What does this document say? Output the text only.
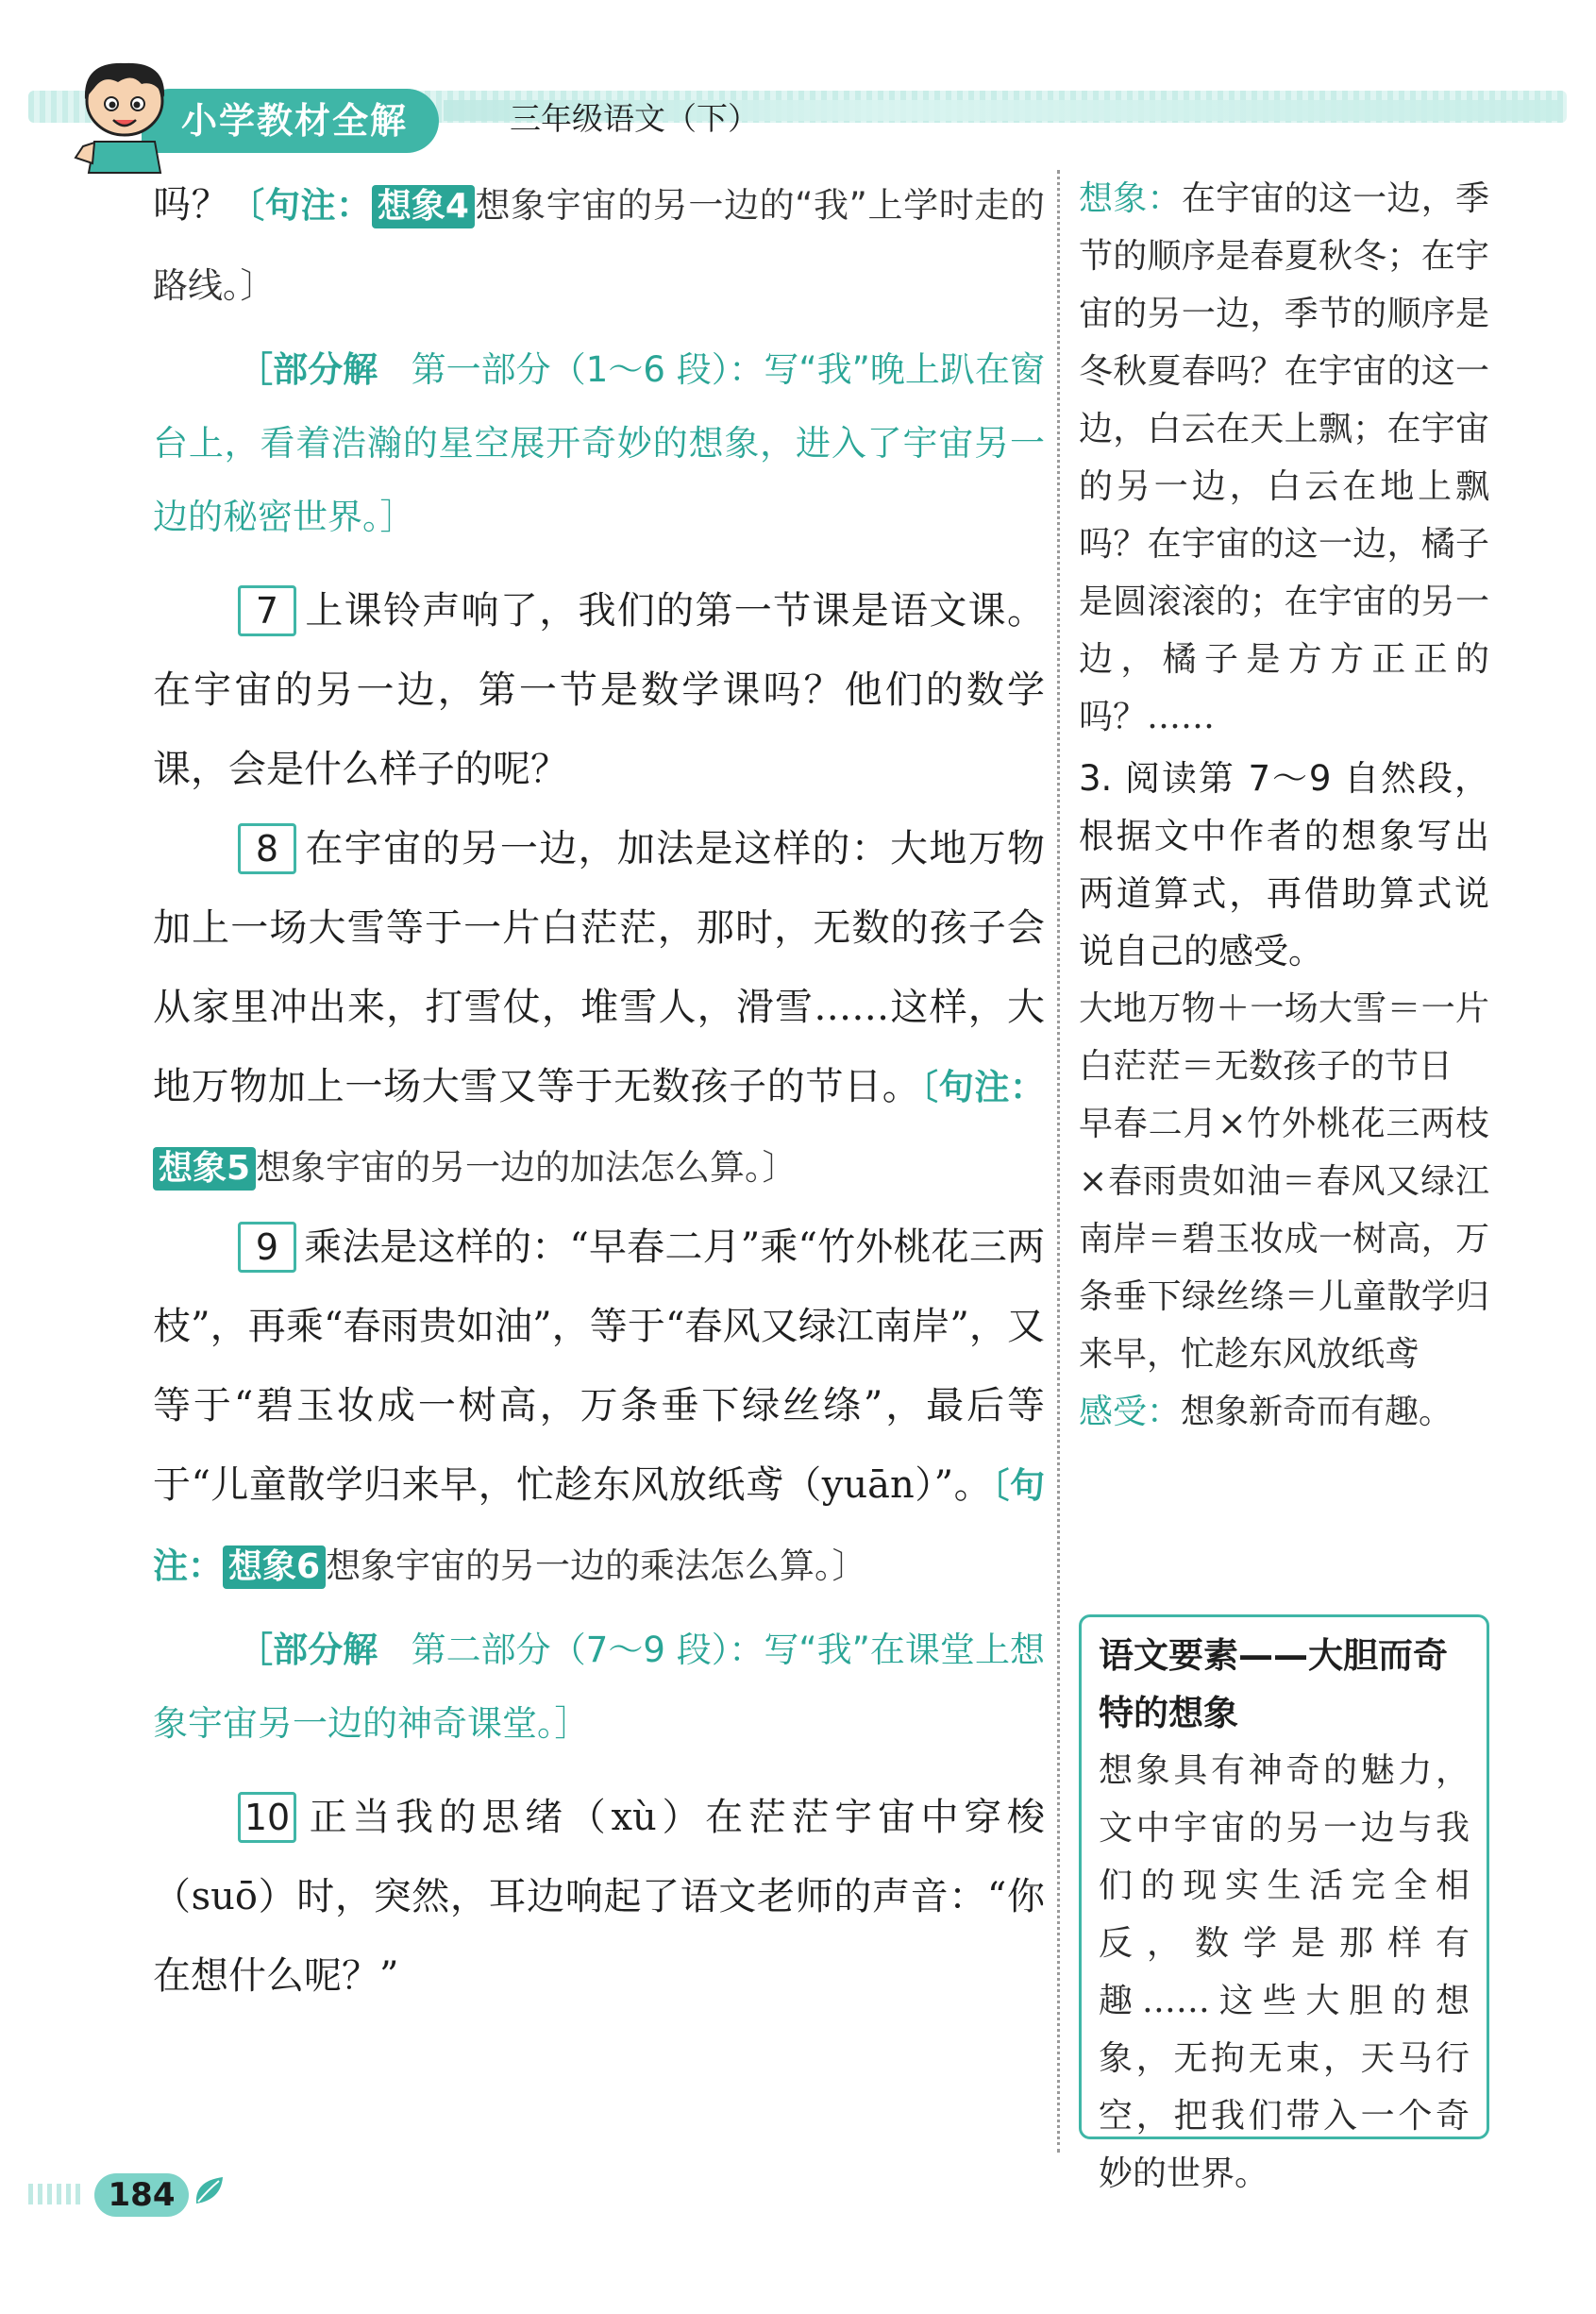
小学教材全解	三年级语文（下）

吗？〔句注： 想象4 想象宇宙的另一边的“我”上学时走的路线。〕

［部分解 第一部分（1～6 段）：写“我”晚上趴在窗台上，看着浩瀚的星空展开奇妙的想象，进入了宇宙另一边的秘密世界。］

7 上课铃声响了，我们的第一节课是语文课。在宇宙的另一边，第一节是数学课吗？他们的数学课，会是什么样子的呢？

8 在宇宙的另一边，加法是这样的：大地万物加上一场大雪等于一片白茫茫，那时，无数的孩子会从家里冲出来，打雪仗，堆雪人，滑雪……这样，大地万物加上一场大雪又等于无数孩子的节日。〔句注：想象5 想象宇宙的另一边的加法怎么算。〕

9 乘法是这样的：“早春二月”乘“竹外桃花三两枝”，再乘“春雨贵如油”，等于“春风又绿江南岸”，又等于“碧玉妆成一树高，万条垂下绿丝绦”，最后等于“儿童散学归来早，忙趁东风放纸鸢（yuān）”。〔句注： 想象6 想象宇宙的另一边的乘法怎么算。〕

［部分解 第二部分（7～9 段）：写“我”在课堂上想象宇宙另一边的神奇课堂。］

10 正当我的思绪（xù）在茫茫宇宙中穿梭（suō）时，突然，耳边响起了语文老师的声音：“你在想什么呢？”

想象：在宇宙的这一边，季节的顺序是春夏秋冬；在宇宙的另一边，季节的顺序是冬秋夏春吗？在宇宙的这一边，白云在天上飘；在宇宙的另一边，白云在地上飘吗？在宇宙的这一边，橘子是圆滚滚的；在宇宙的另一边，橘子是方方正正的吗？……

3. 阅读第 7～9 自然段，根据文中作者的想象写出两道算式，再借助算式说说自己的感受。

大地万物＋一场大雪＝一片白茫茫＝无数孩子的节日

早春二月×竹外桃花三两枝×春雨贵如油＝春风又绿江南岸＝碧玉妆成一树高，万条垂下绿丝绦＝儿童散学归来早，忙趁东风放纸鸢

感受：想象新奇而有趣。

语文要素——大胆而奇特的想象

想象具有神奇的魅力，文中宇宙的另一边与我们的现实生活完全相反，数学是那样有趣……这些大胆的想象，无拘无束，天马行空，把我们带入一个奇妙的世界。

184
